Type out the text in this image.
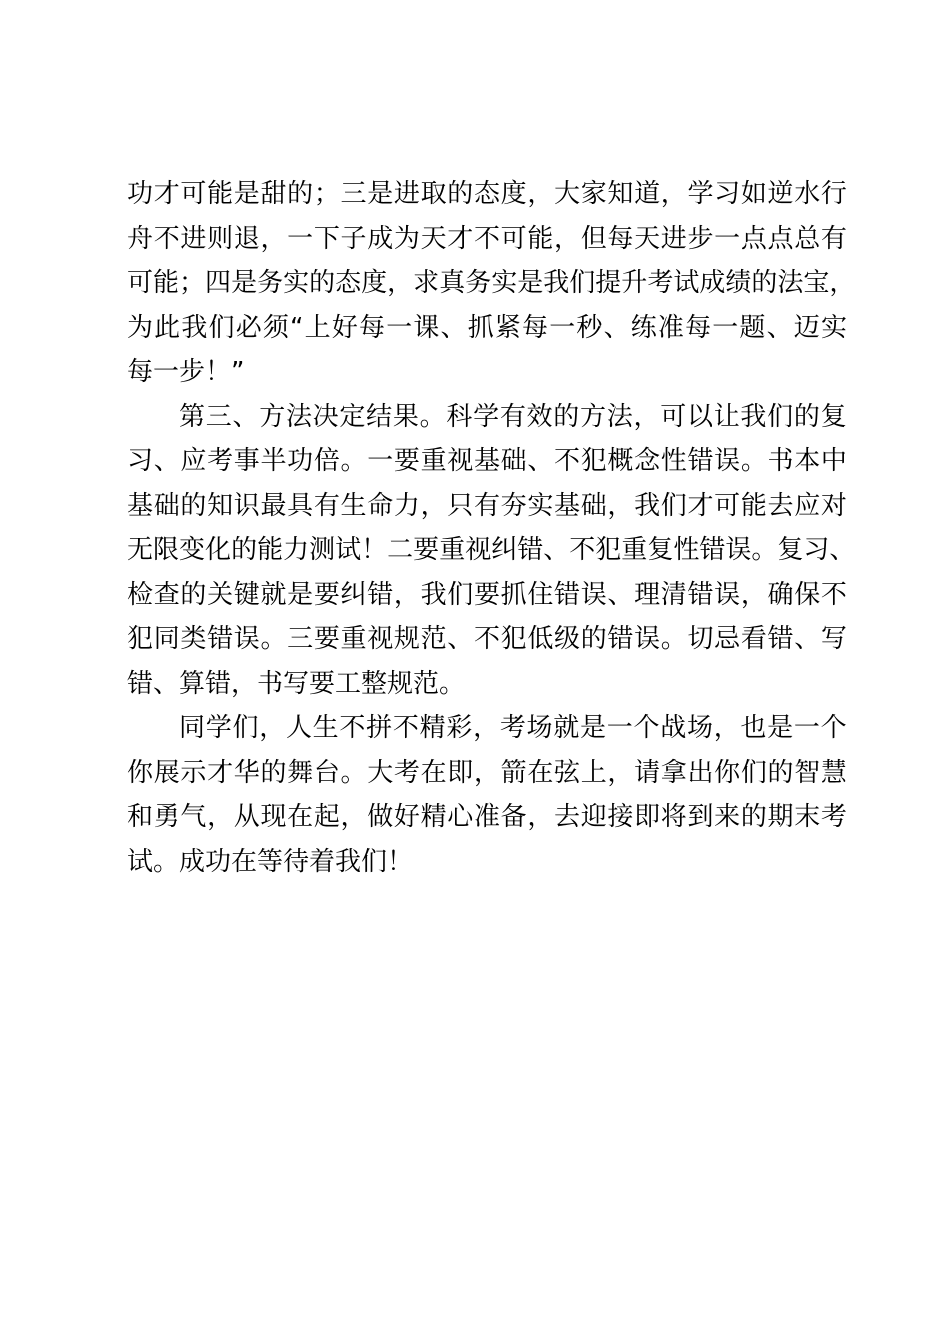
功 才 可 能 是 甜 的 ； 三 是 进 取 的 态 度 ， 大 家 知 道 ， 学 习 如 逆 水 行
舟 不 进 则 退 ， 一 下 子 成 为 天 才 不 可 能 ， 但 每 天 进 步 一 点 点 总 有
可 能 ； 四 是 务 实 的 态 度 ， 求 真 务 实 是 我 们 提 升 考 试 成 绩 的 法 宝 ，
为 此 我 们 必 须 “ 上 好 每 一 课 、 抓 紧 每 一 秒 、 练 准 每 一 题 、 迈 实
每一步！”
第 三 、 方 法 决 定 结 果 。 科 学 有 效 的 方 法 ， 可 以 让 我 们 的 复
习 、 应 考 事 半 功 倍 。 一 要 重 视 基 础 、 不 犯 概 念 性 错 误 。 书 本 中
基 础 的 知 识 最 具 有 生 命 力 ， 只 有 夯 实 基 础 ， 我 们 才 可 能 去 应 对
无 限 变 化 的 能 力 测 试 ！ 二 要 重 视 纠 错 、 不 犯 重 复 性 错 误 。 复 习 、
检 查 的 关 键 就 是 要 纠 错 ， 我 们 要 抓 住 错 误 、 理 清 错 误 ， 确 保 不
犯 同 类 错 误 。 三 要 重 视 规 范 、 不 犯 低 级 的 错 误 。 切 忌 看 错 、 写
错、算错，书写要工整规范。
同 学 们 ， 人 生 不 拼 不 精 彩 ， 考 场 就 是 一 个 战 场 ， 也 是 一 个
你 展 示 才 华 的 舞 台 。 大 考 在 即 ， 箭 在 弦 上 ， 请 拿 出 你 们 的 智 慧
和 勇 气 ， 从 现 在 起 ， 做 好 精 心 准 备 ， 去 迎 接 即 将 到 来 的 期 末 考
试。成功在等待着我们！
